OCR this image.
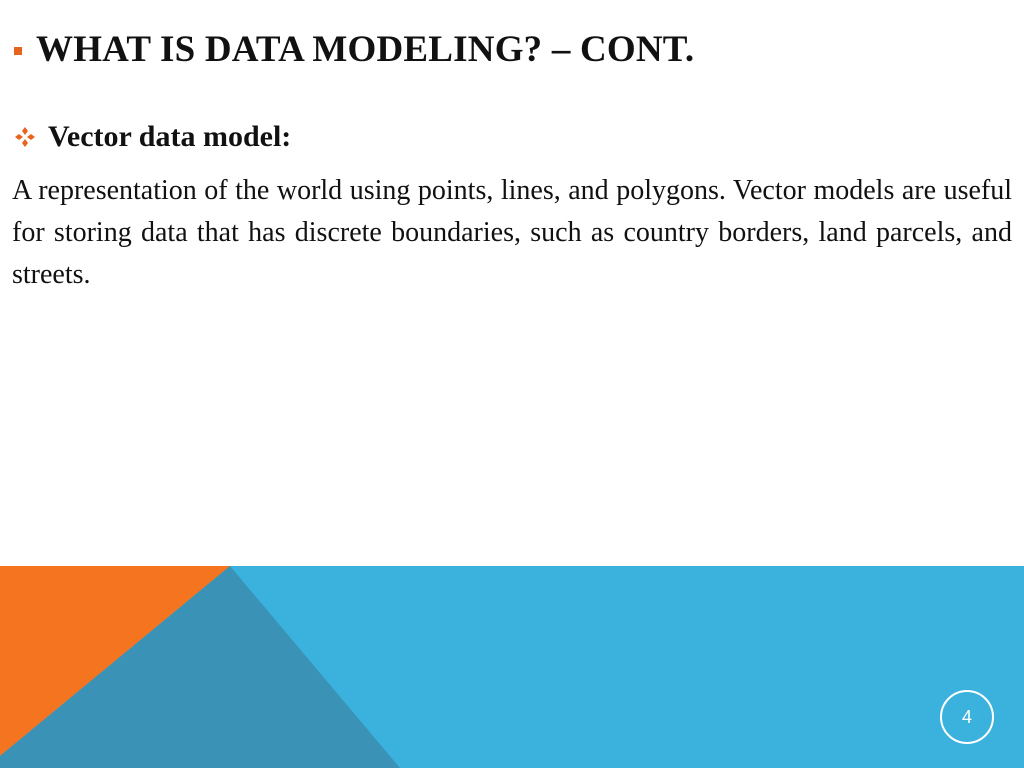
WHAT IS DATA MODELING? – CONT.
Vector data model:

A representation of the world using points, lines, and polygons. Vector models are useful for storing data that has discrete boundaries, such as country borders, land parcels, and streets.

4
